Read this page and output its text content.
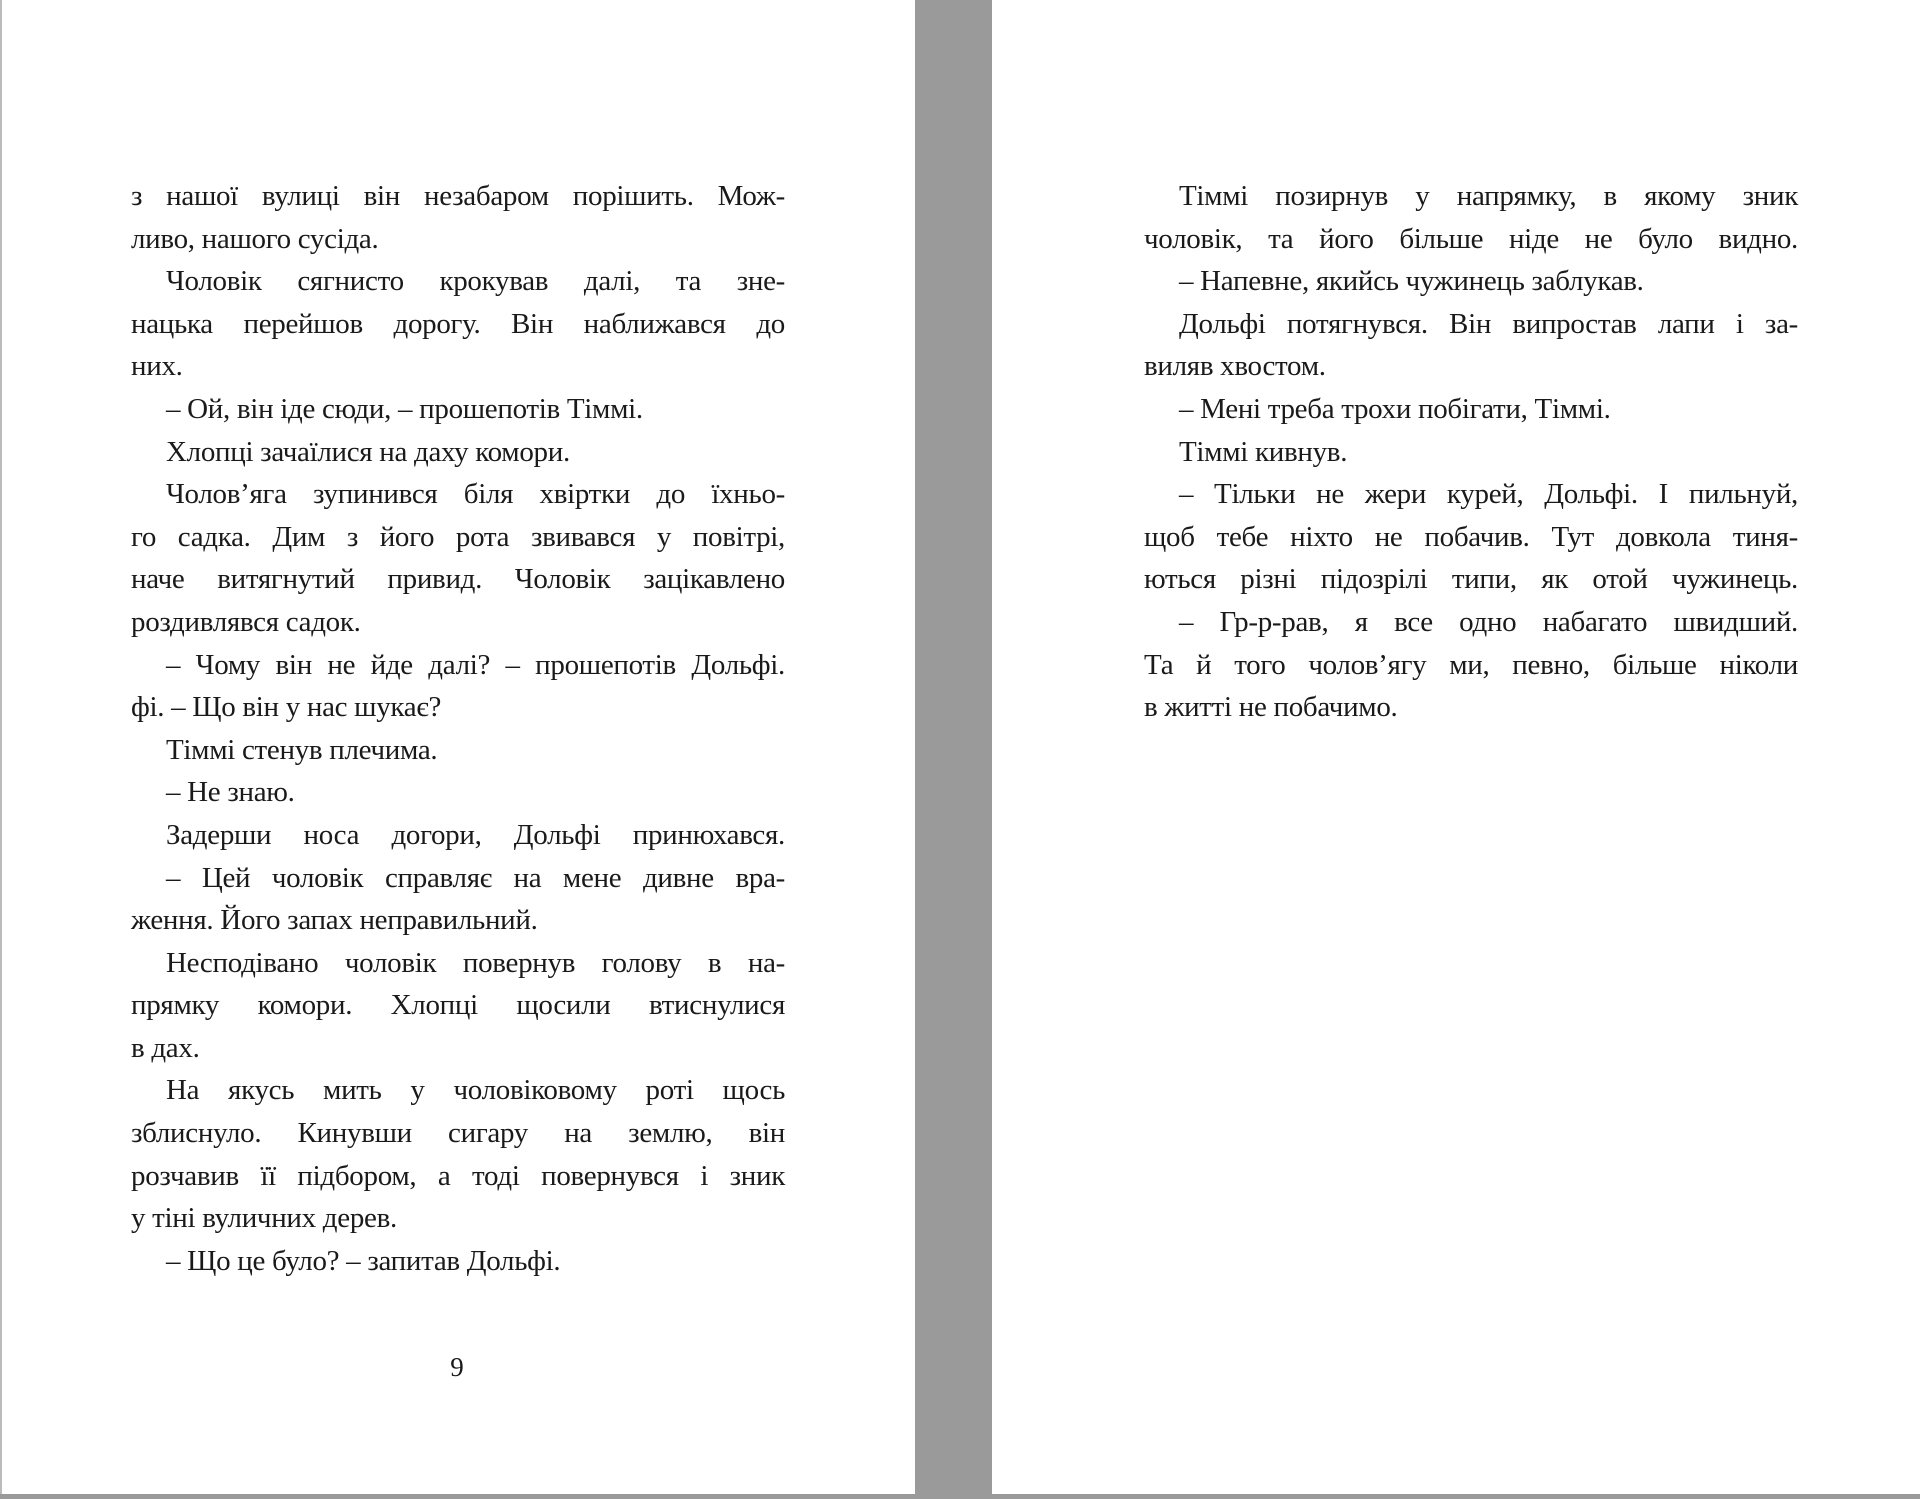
з нашої вулиці він незабаром порішить. Мож-
ливо, нашого сусіда.
Чоловік сягнисто крокував далі, та зне-
нацька перейшов дорогу. Він наближався до
них.
– Ой, він іде сюди, – прошепотів Тіммі.
Хлопці зачаїлися на даху комори.
Чолов’яга зупинився біля хвіртки до їхньо-
го садка. Дим з його рота звивався у повітрі,
наче витягнутий привид. Чоловік зацікавлено
роздивлявся садок.
– Чому він не йде далі? – прошепотів Дольфі.
фі. – Що він у нас шукає?
Тіммі стенув плечима.
– Не знаю.
Задерши носа догори, Дольфі принюхався.
– Цей чоловік справляє на мене дивне вра-
ження. Його запах неправильний.
Несподівано чоловік повернув голову в на-
прямку комори. Хлопці щосили втиснулися
в дах.
На якусь мить у чоловіковому роті щось
зблиснуло. Кинувши сигару на землю, він
розчавив її підбором, а тоді повернувся і зник
у тіні вуличних дерев.
– Що це було? – запитав Дольфі.
9
Тіммі позирнув у напрямку, в якому зник
чоловік, та його більше ніде не було видно.
– Напевне, якийсь чужинець заблукав.
Дольфі потягнувся. Він випростав лапи і за-
виляв хвостом.
– Мені треба трохи побігати, Тіммі.
Тіммі кивнув.
– Тільки не жери курей, Дольфі. І пильнуй,
щоб тебе ніхто не побачив. Тут довкола тиня-
ються різні підозрілі типи, як отой чужинець.
– Гр-р-рав, я все одно набагато швидший.
Та й того чолов’ягу ми, певно, більше ніколи
в житті не побачимо.
